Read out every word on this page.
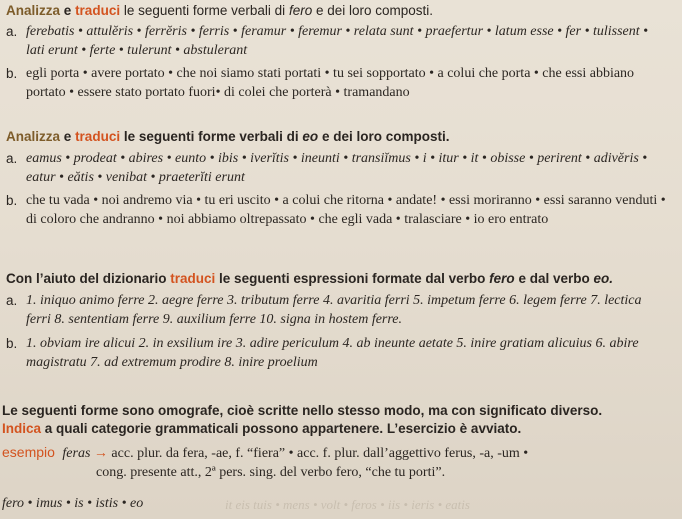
Analizza e traduci le seguenti forme verbali di fero e dei loro composti.
a. ferebatis • attulĕris • ferrĕris • ferris • feramur • feremur • relata sunt • praefertur • latum esse • fer • tulissent • lati erunt • ferte • tulerunt • abstulerant
b. egli porta • avere portato • che noi siamo stati portati • tu sei sopportato • a colui che porta • che essi abbiano portato • essere stato portato fuori• di colei che porterà • tramandano
Analizza e traduci le seguenti forme verbali di eo e dei loro composti.
a. eamus • prodeat • abires • eunto • ibis • iverĭtis • ineunti • transiĭmus • i • itur • it • obisse • perirent • adivĕris • eatur • eătis • venibat • praeterĭti erunt
b. che tu vada • noi andremo via • tu eri uscito • a colui che ritorna • andate! • essi moriranno • essi saranno venduti • di coloro che andranno • noi abbiamo oltrepassato • che egli vada • tralasciare • io ero entrato
Con l’aiuto del dizionario traduci le seguenti espressioni formate dal verbo fero e dal verbo eo.
a. 1. iniquo animo ferre 2. aegre ferre 3. tributum ferre 4. avaritia ferri 5. impetum ferre 6. legem ferre 7. lectica ferri 8. sententiam ferre 9. auxilium ferre 10. signa in hostem ferre.
b. 1. obviam ire alicui 2. in exsilium ire 3. adire periculum 4. ab ineunte aetate 5. inire gratiam alicuius 6. abire magistratu 7. ad extremum prodire 8. inire proelium
Le seguenti forme sono omografe, cioè scritte nello stesso modo, ma con significato diverso.
Indica a quali categorie grammaticali possono appartenere. L’esercizio è avviato.
esempio feras → acc. plur. da fera, -ae, f. “fiera” • acc. f. plur. dall’aggettivo ferus, -a, -um •
cong. presente att., 2ª pers. sing. del verbo fero, “che tu porti”.
fero • imus • is • istis • eo	it eis tuis • mens • volt • feros • iis • ieris • eatis
